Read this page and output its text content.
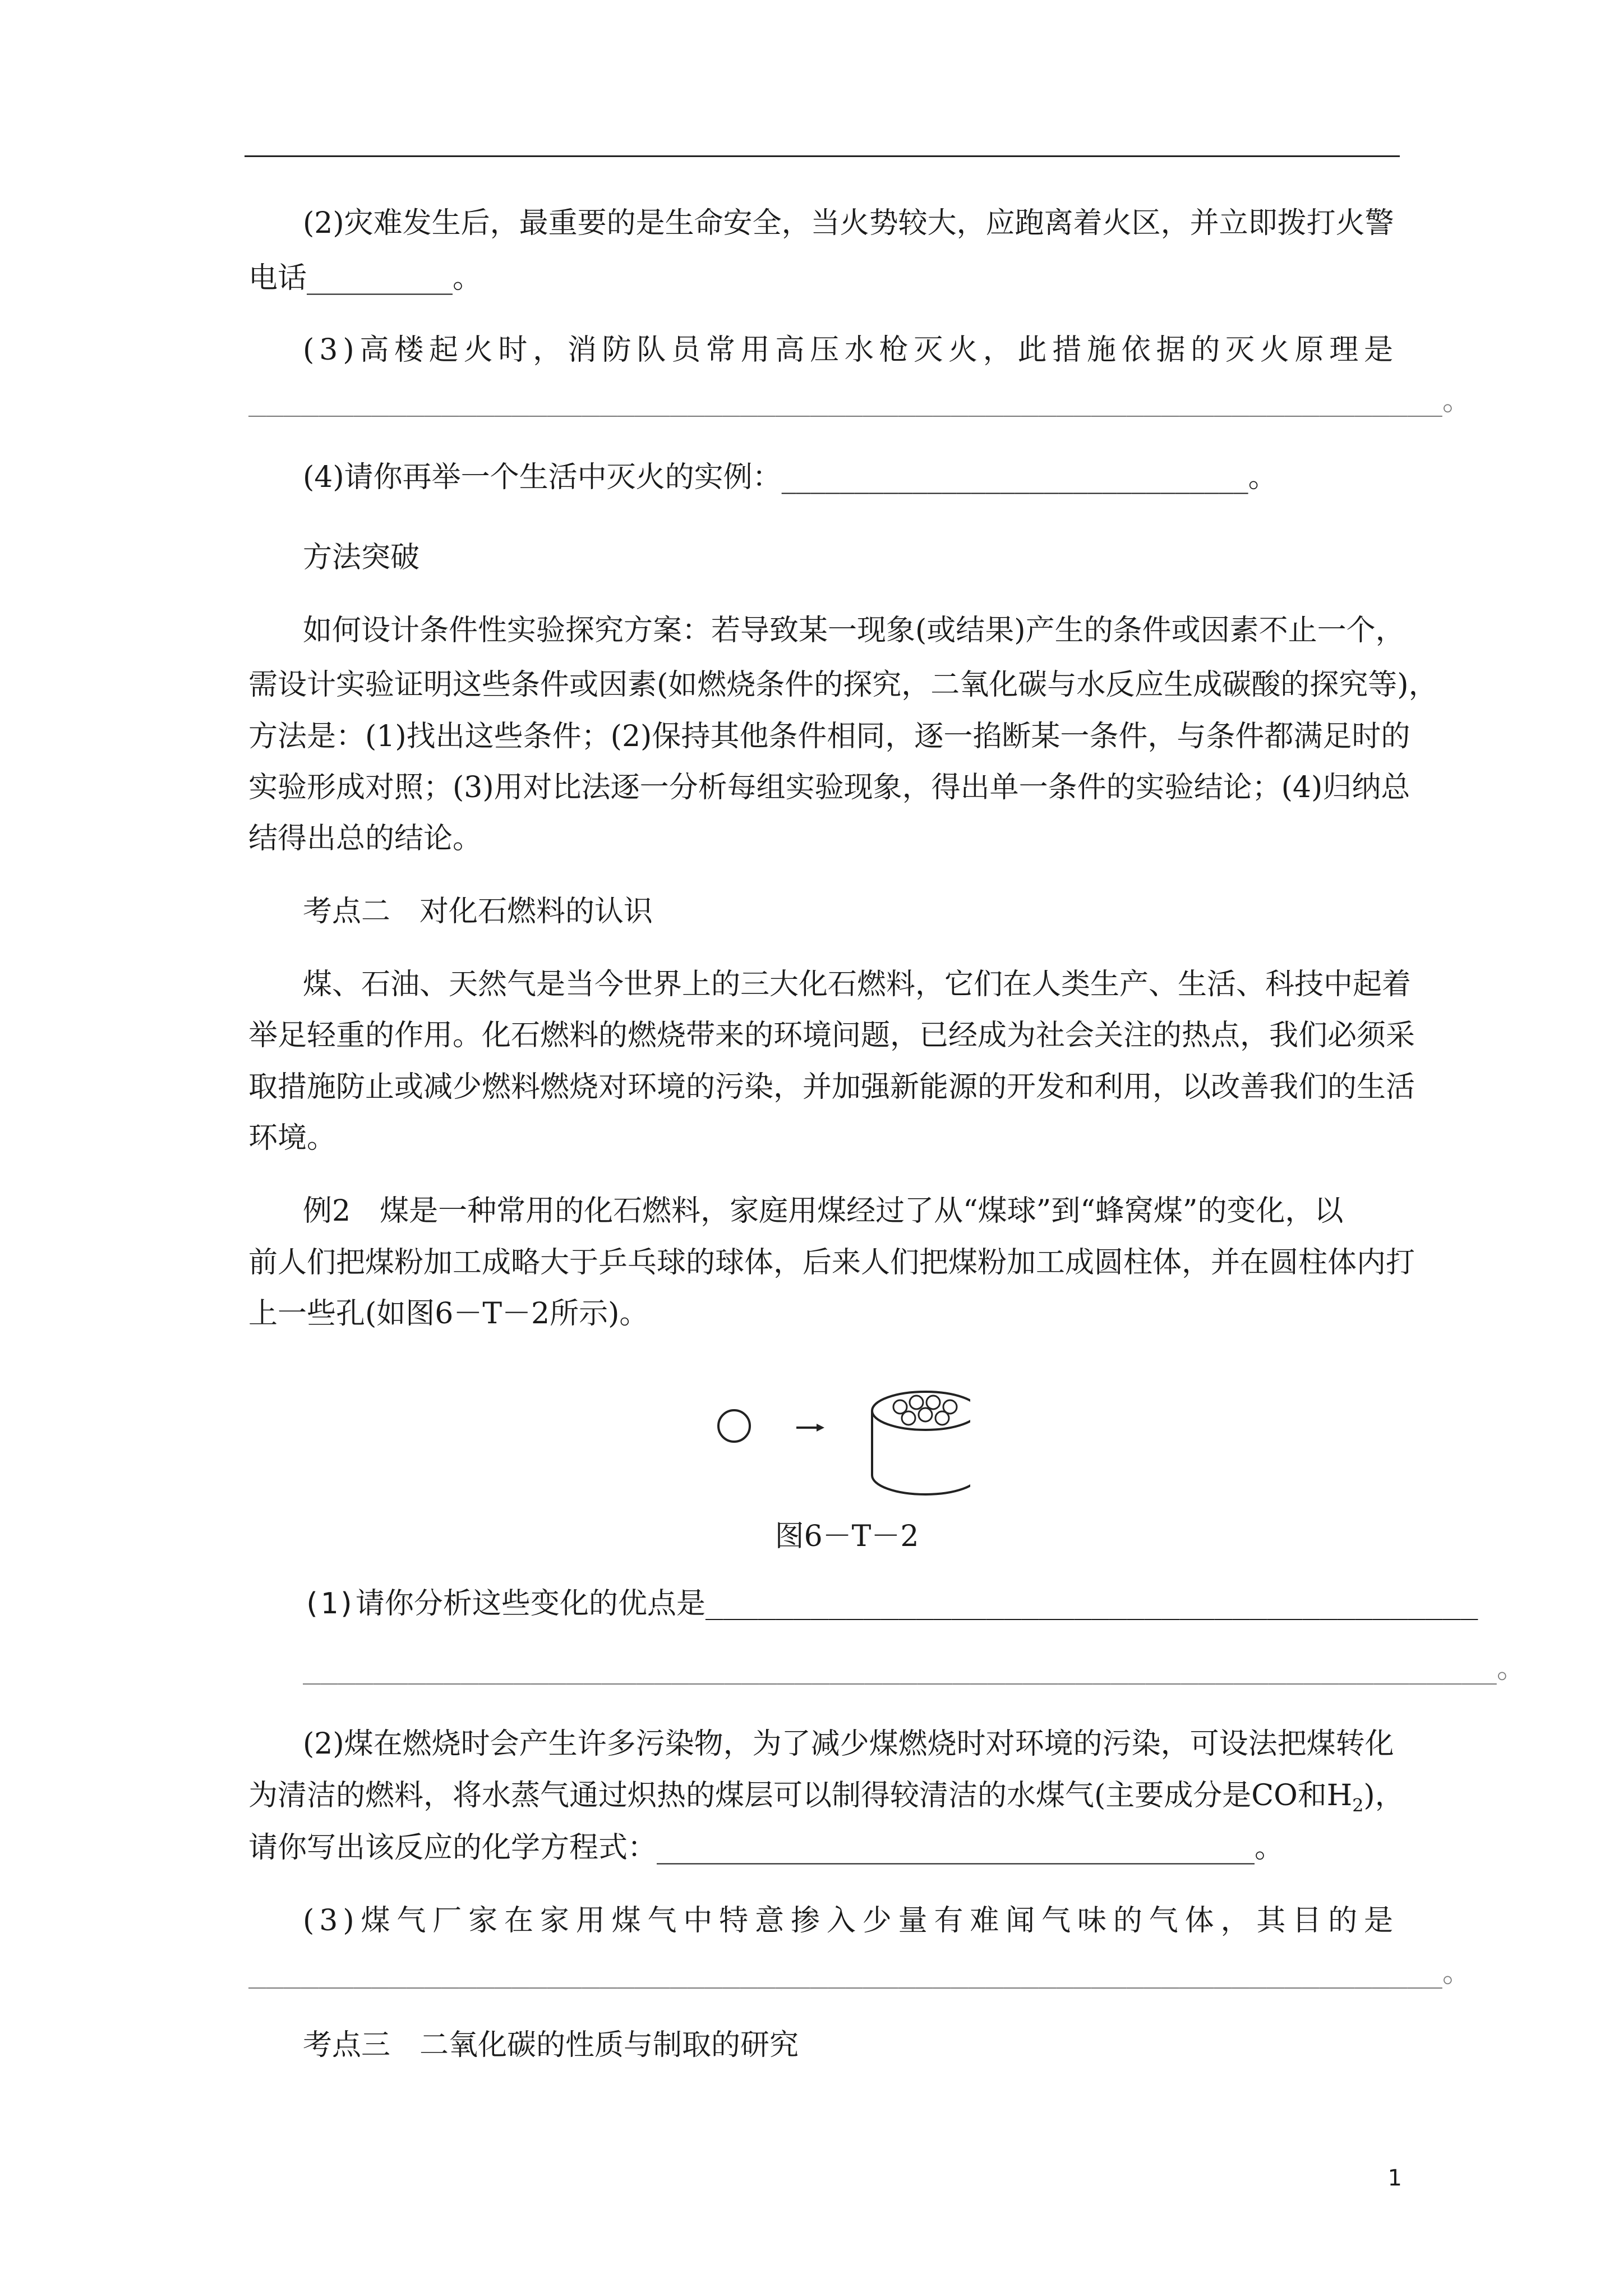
(2)灾难发生后，最重要的是生命安全，当火势较大，应跑离着火区，并立即拨打火警
电话__________。
(3)高楼起火时，消防队员常用高压水枪灭火，此措施依据的灭火原理是
____________________________________________________________________。
(4)请你再举一个生活中灭火的实例：________________________________。
方法突破
如何设计条件性实验探究方案：若导致某一现象(或结果)产生的条件或因素不止一个，
需设计实验证明这些条件或因素(如燃烧条件的探究，二氧化碳与水反应生成碳酸的探究等)，
方法是：(1)找出这些条件；(2)保持其他条件相同，逐一掐断某一条件，与条件都满足时的
实验形成对照；(3)用对比法逐一分析每组实验现象，得出单一条件的实验结论；(4)归纳总
结得出总的结论。
考点二　对化石燃料的认识
煤、石油、天然气是当今世界上的三大化石燃料，它们在人类生产、生活、科技中起着
举足轻重的作用。化石燃料的燃烧带来的环境问题，已经成为社会关注的热点，我们必须采
取措施防止或减少燃料燃烧对环境的污染，并加强新能源的开发和利用，以改善我们的生活
环境。
例2　煤是一种常用的化石燃料，家庭用煤经过了从“煤球”到“蜂窝煤”的变化，以
前人们把煤粉加工成略大于乒乓球的球体，后来人们把煤粉加工成圆柱体，并在圆柱体内打
上一些孔(如图6－T－2所示)。
图6－T－2
(1)请你分析这些变化的优点是____________________________________________
____________________________________________________________________。
(2)煤在燃烧时会产生许多污染物，为了减少煤燃烧时对环境的污染，可设法把煤转化
为清洁的燃料，将水蒸气通过炽热的煤层可以制得较清洁的水煤气(主要成分是CO和$H_2$)，
请你写出该反应的化学方程式：_________________________________________。
(3)煤气厂家在家用煤气中特意掺入少量有难闻气味的气体，其目的是
____________________________________________________________________。
考点三　二氧化碳的性质与制取的研究
1
